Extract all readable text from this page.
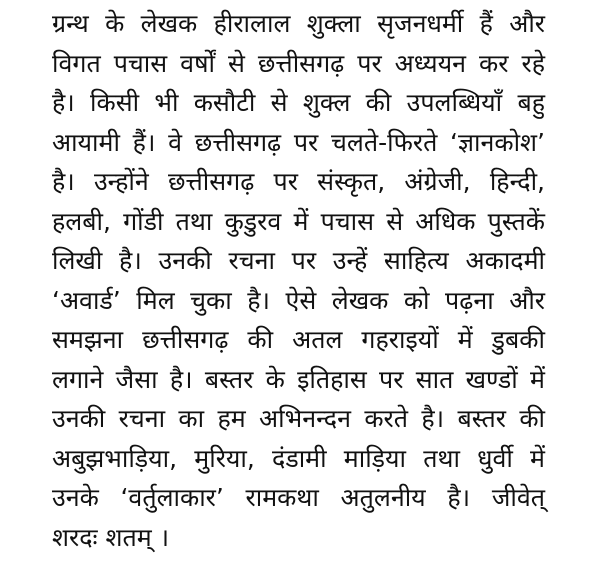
ग्रन्थ के लेखक हीरालाल शुक्ला सृजनधर्मी हैं और
विगत पचास वर्षों से छत्तीसगढ़ पर अध्ययन कर रहे
है। किसी भी कसौटी से शुक्ल की उपलब्धियाँ बहु
आयामी हैं। वे छत्तीसगढ़ पर चलते-फिरते ‘ज्ञानकोश’
है। उन्होंने छत्तीसगढ़ पर संस्कृत, अंग्रेजी, हिन्दी,
हलबी, गोंडी तथा कुडुरव में पचास से अधिक पुस्तकें
लिखी है। उनकी रचना पर उन्हें साहित्य अकादमी
‘अवार्ड’ मिल चुका है। ऐसे लेखक को पढ़ना और
समझना छत्तीसगढ़ की अतल गहराइयों में डुबकी
लगाने जैसा है। बस्तर के इतिहास पर सात खण्डों में
उनकी रचना का हम अभिनन्दन करते है। बस्तर की
अबुझभाड़िया, मुरिया, दंडामी माड़िया तथा धुर्वी में
उनके ‘वर्तुलाकार’ रामकथा अतुलनीय है। जीवेत्
शरदः शतम् ।
